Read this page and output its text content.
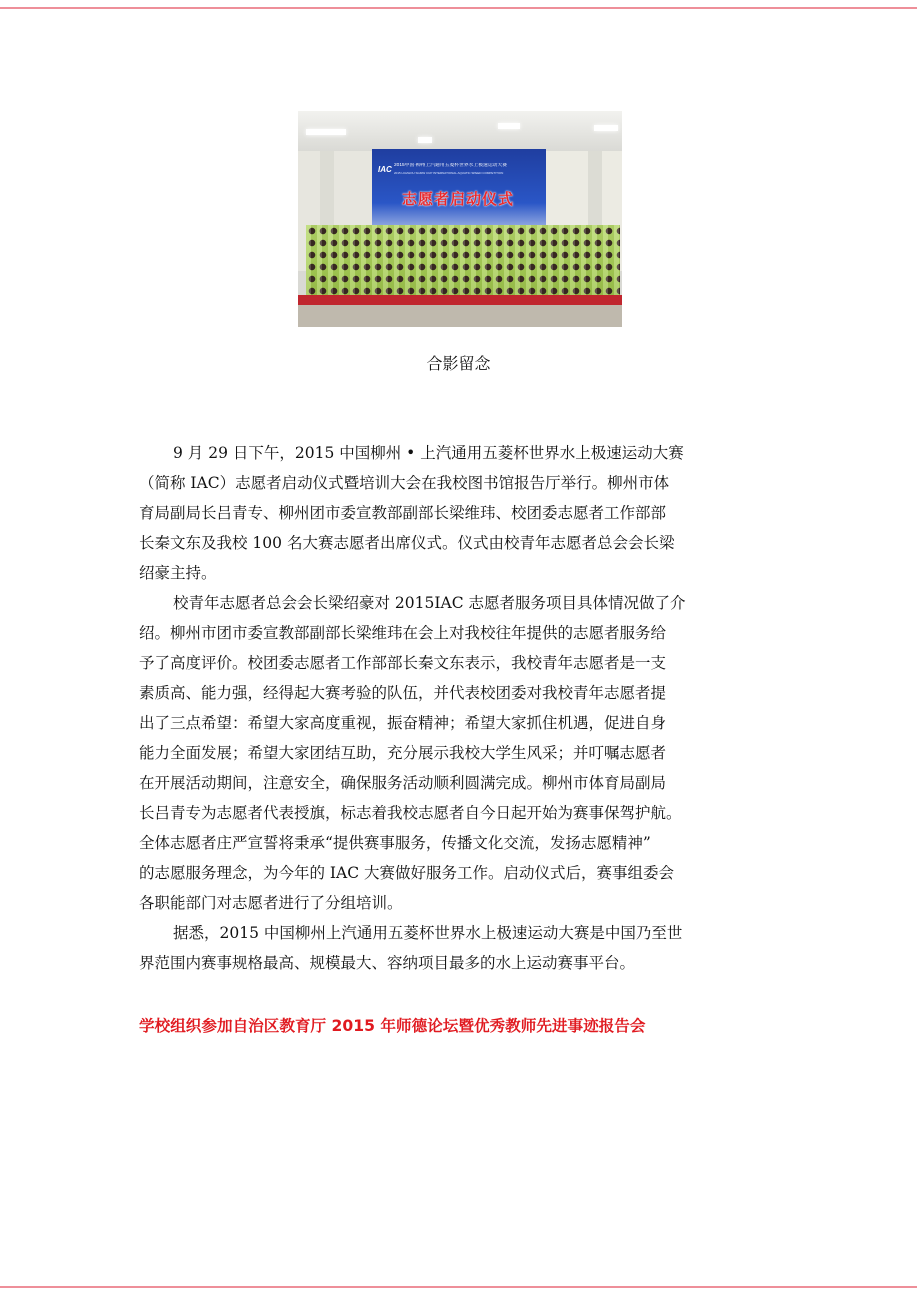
IAC 2015中国·柳州上汽通用五菱杯世界水上极速运动大赛
2015 LIUZHOU SGMW CUP INTERNATIONAL AQUATIC SPEED COMPETITION
志愿者启动仪式
合影留念
9 月 29 日下午，2015 中国柳州 • 上汽通用五菱杯世界水上极速运动大赛
（简称 IAC）志愿者启动仪式暨培训大会在我校图书馆报告厅举行。柳州市体
育局副局长吕青专、柳州团市委宣教部副部长梁维玮、校团委志愿者工作部部
长秦文东及我校 100 名大赛志愿者出席仪式。仪式由校青年志愿者总会会长梁
绍豪主持。
校青年志愿者总会会长梁绍豪对 2015IAC 志愿者服务项目具体情况做了介
绍。柳州市团市委宣教部副部长梁维玮在会上对我校往年提供的志愿者服务给
予了高度评价。校团委志愿者工作部部长秦文东表示，我校青年志愿者是一支
素质高、能力强，经得起大赛考验的队伍，并代表校团委对我校青年志愿者提
出了三点希望：希望大家高度重视，振奋精神；希望大家抓住机遇，促进自身
能力全面发展；希望大家团结互助，充分展示我校大学生风采；并叮嘱志愿者
在开展活动期间，注意安全，确保服务活动顺利圆满完成。柳州市体育局副局
长吕青专为志愿者代表授旗，标志着我校志愿者自今日起开始为赛事保驾护航。
全体志愿者庄严宣誓将秉承“提供赛事服务，传播文化交流，发扬志愿精神”
的志愿服务理念，为今年的 IAC 大赛做好服务工作。启动仪式后，赛事组委会
各职能部门对志愿者进行了分组培训。
据悉，2015 中国柳州上汽通用五菱杯世界水上极速运动大赛是中国乃至世
界范围内赛事规格最高、规模最大、容纳项目最多的水上运动赛事平台。
学校组织参加自治区教育厅 2015 年师德论坛暨优秀教师先进事迹报告会
